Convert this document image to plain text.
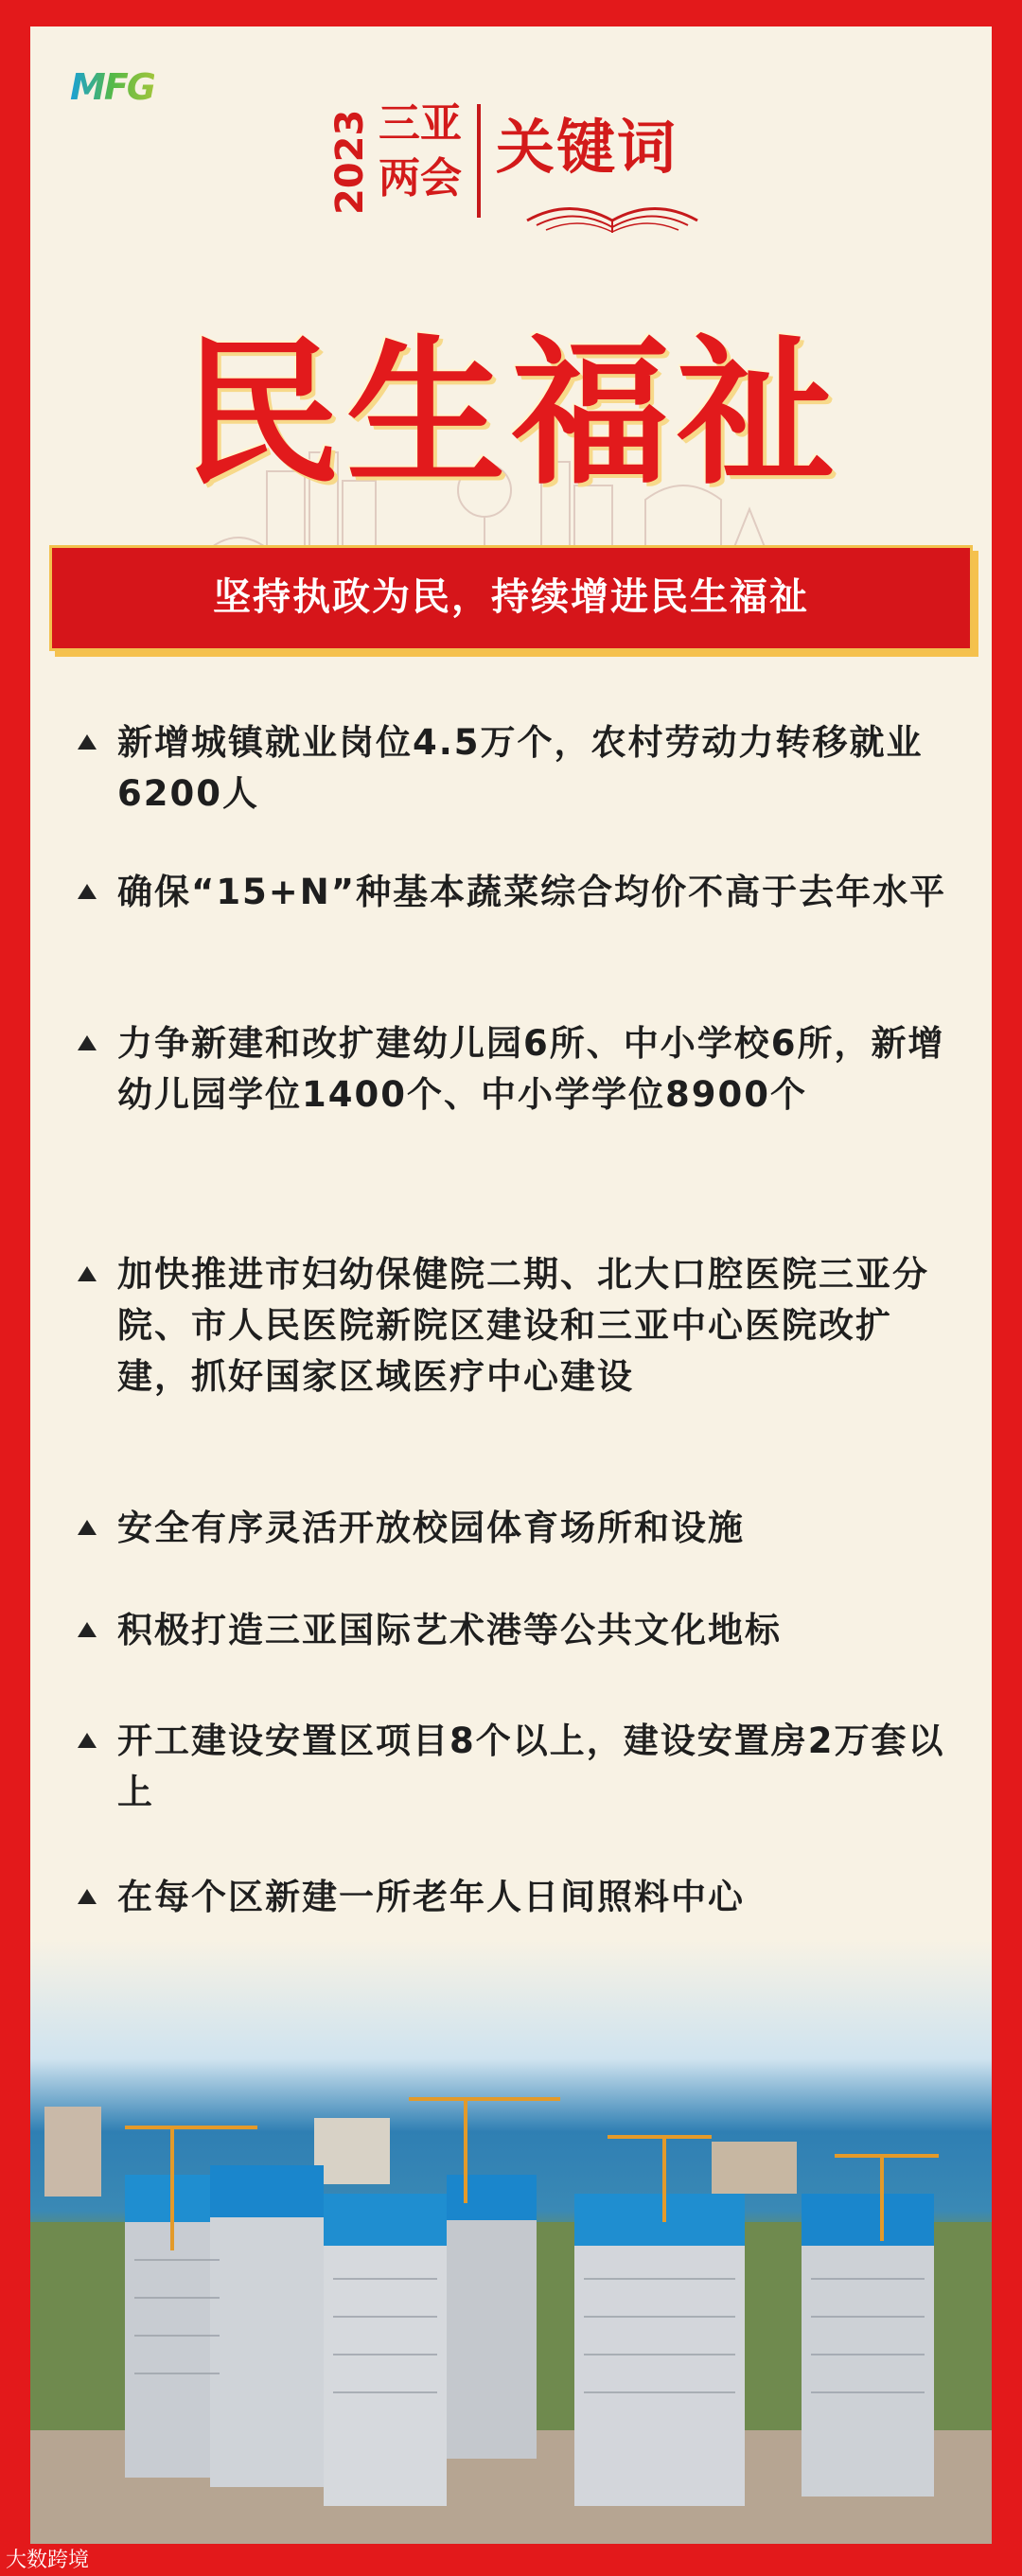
MFG
2023 三亚
两会 关键词
民生福祉
坚持执政为民，持续增进民生福祉
新增城镇就业岗位4.5万个，农村劳动力转移就业6200人
确保“15+N”种基本蔬菜综合均价不高于去年水平
力争新建和改扩建幼儿园6所、中小学校6所，新增幼儿园学位1400个、中小学学位8900个
加快推进市妇幼保健院二期、北大口腔医院三亚分院、市人民医院新院区建设和三亚中心医院改扩建，抓好国家区域医疗中心建设
安全有序灵活开放校园体育场所和设施
积极打造三亚国际艺术港等公共文化地标
开工建设安置区项目8个以上，建设安置房2万套以上
在每个区新建一所老年人日间照料中心
大数跨境
